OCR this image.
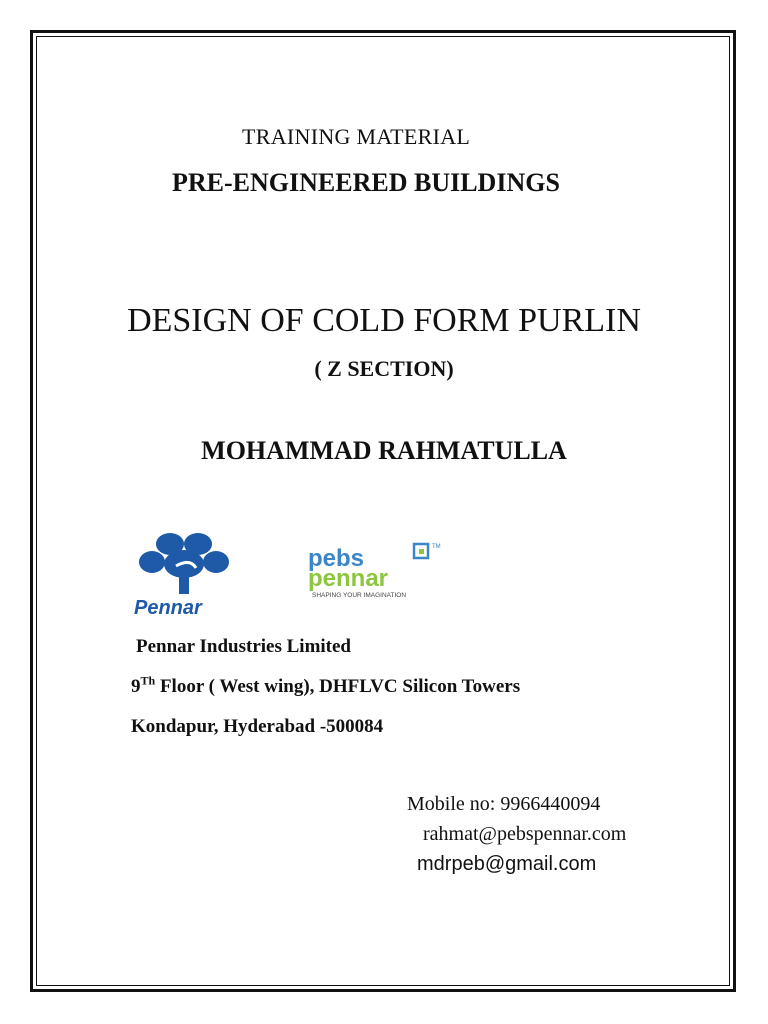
TRAINING MATERIAL
PRE-ENGINEERED BUILDINGS
DESIGN OF COLD FORM PURLIN
( Z SECTION)
MOHAMMAD RAHMATULLA
Pennar
pebs
pennar
TM
SHAPING YOUR IMAGINATION
Pennar Industries Limited
9Th Floor ( West wing), DHFLVC Silicon Towers
Kondapur, Hyderabad -500084
Mobile no: 9966440094
rahmat@pebspennar.com
mdrpeb@gmail.com
